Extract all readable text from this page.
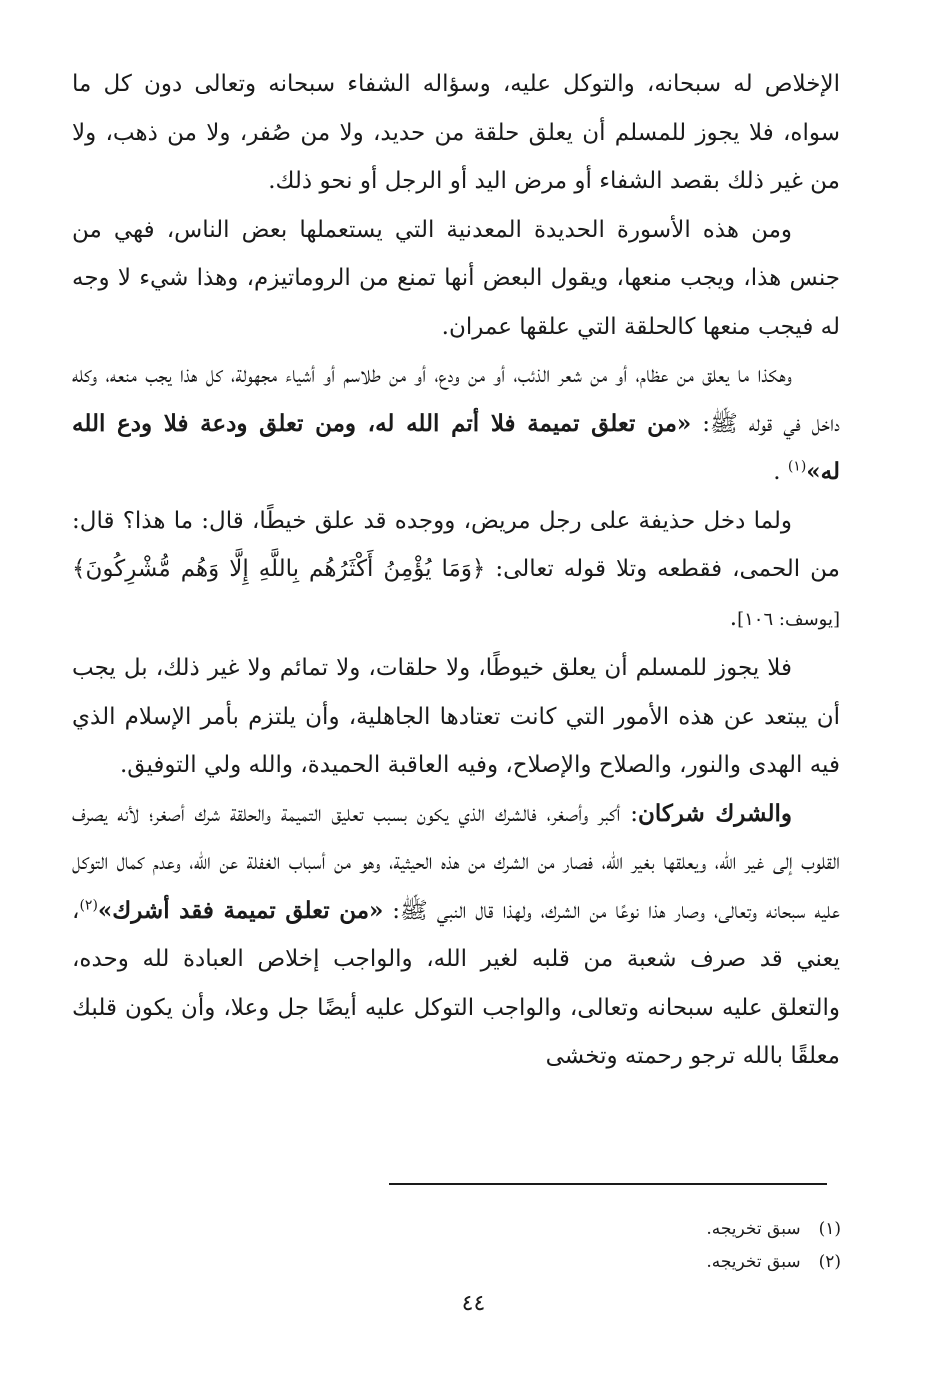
الإخلاص له سبحانه، والتوكل عليه، وسؤاله الشفاء سبحانه وتعالى دون كل ما سواه، فلا يجوز للمسلم أن يعلق حلقة من حديد، ولا من صُفر، ولا من ذهب، ولا من غير ذلك بقصد الشفاء أو مرض اليد أو الرجل أو نحو ذلك.

ومن هذه الأسورة الحديدة المعدنية التي يستعملها بعض الناس، فهي من جنس هذا، ويجب منعها، ويقول البعض أنها تمنع من الروماتيزم، وهذا شيء لا وجه له فيجب منعها كالحلقة التي علقها عمران.

وهكذا ما يعلق من عظام، أو من شعر الذئب، أو من ودع، أو من طلاسم أو أشياء مجهولة، كل هذا يجب منعه، وكله داخل في قوله ﷺ: «من تعلق تميمة فلا أتم الله له، ومن تعلق ودعة فلا ودع الله له»$^{(١)}$ .

ولما دخل حذيفة على رجل مريض، ووجده قد علق خيطًا، قال: ما هذا؟ قال: من الحمى، فقطعه وتلا قوله تعالى: ﴿وَمَا يُؤْمِنُ أَكْثَرُهُم بِاللَّهِ إِلَّا وَهُم مُّشْرِكُونَ﴾ [يوسف: ١٠٦].

فلا يجوز للمسلم أن يعلق خيوطًا، ولا حلقات، ولا تمائم ولا غير ذلك، بل يجب أن يبتعد عن هذه الأمور التي كانت تعتادها الجاهلية، وأن يلتزم بأمر الإسلام الذي فيه الهدى والنور، والصلاح والإصلاح، وفيه العاقبة الحميدة، والله ولي التوفيق.

والشرك شركان: أكبر وأصغر، فالشرك الذي يكون بسبب تعليق التميمة والحلقة شرك أصغر؛ لأنه يصرف القلوب إلى غير الله، ويعلقها بغير الله، فصار من الشرك من هذه الحيثية، وهو من أسباب الغفلة عن الله، وعدم كمال التوكل عليه سبحانه وتعالى، وصار هذا نوعًا من الشرك، ولهذا قال النبي ﷺ: «من تعلق تميمة فقد أشرك»$^{(٢)}$، يعني قد صرف شعبة من قلبه لغير الله، والواجب إخلاص العبادة لله وحده، والتعلق عليه سبحانه وتعالى، والواجب التوكل عليه أيضًا جل وعلا، وأن يكون قلبك معلقًا بالله ترجو رحمته وتخشى

(١)سبق تخريجه.
(٢)سبق تخريجه.
٤٤
